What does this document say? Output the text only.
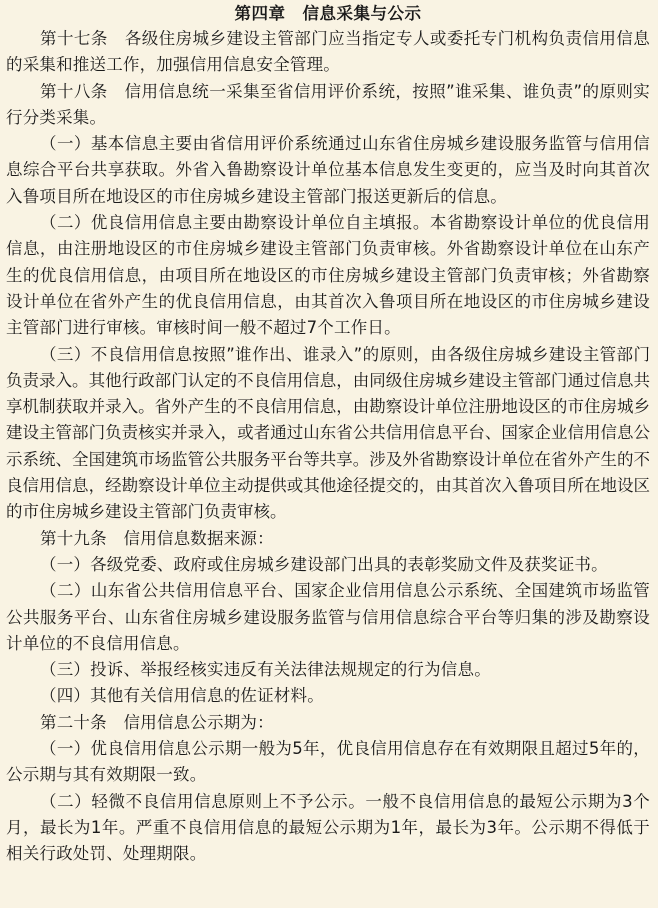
第四章　信息采集与公示

第十七条　各级住房城乡建设主管部门应当指定专人或委托专门机构负责信用信息的采集和推送工作，加强信用信息安全管理。

第十八条　信用信息统一采集至省信用评价系统，按照”谁采集、谁负责”的原则实行分类采集。

（一）基本信息主要由省信用评价系统通过山东省住房城乡建设服务监管与信用信息综合平台共享获取。外省入鲁勘察设计单位基本信息发生变更的，应当及时向其首次入鲁项目所在地设区的市住房城乡建设主管部门报送更新后的信息。

（二）优良信用信息主要由勘察设计单位自主填报。本省勘察设计单位的优良信用信息，由注册地设区的市住房城乡建设主管部门负责审核。外省勘察设计单位在山东产生的优良信用信息，由项目所在地设区的市住房城乡建设主管部门负责审核；外省勘察设计单位在省外产生的优良信用信息，由其首次入鲁项目所在地设区的市住房城乡建设主管部门进行审核。审核时间一般不超过7个工作日。

（三）不良信用信息按照”谁作出、谁录入”的原则，由各级住房城乡建设主管部门负责录入。其他行政部门认定的不良信用信息，由同级住房城乡建设主管部门通过信息共享机制获取并录入。省外产生的不良信用信息，由勘察设计单位注册地设区的市住房城乡建设主管部门负责核实并录入，或者通过山东省公共信用信息平台、国家企业信用信息公示系统、全国建筑市场监管公共服务平台等共享。涉及外省勘察设计单位在省外产生的不良信用信息，经勘察设计单位主动提供或其他途径提交的，由其首次入鲁项目所在地设区的市住房城乡建设主管部门负责审核。

第十九条　信用信息数据来源：

（一）各级党委、政府或住房城乡建设部门出具的表彰奖励文件及获奖证书。

（二）山东省公共信用信息平台、国家企业信用信息公示系统、全国建筑市场监管公共服务平台、山东省住房城乡建设服务监管与信用信息综合平台等归集的涉及勘察设计单位的不良信用信息。

（三）投诉、举报经核实违反有关法律法规规定的行为信息。

（四）其他有关信用信息的佐证材料。

第二十条　信用信息公示期为：

（一）优良信用信息公示期一般为5年，优良信用信息存在有效期限且超过5年的，公示期与其有效期限一致。

（二）轻微不良信用信息原则上不予公示。一般不良信用信息的最短公示期为3个月，最长为1年。严重不良信用信息的最短公示期为1年，最长为3年。公示期不得低于相关行政处罚、处理期限。
